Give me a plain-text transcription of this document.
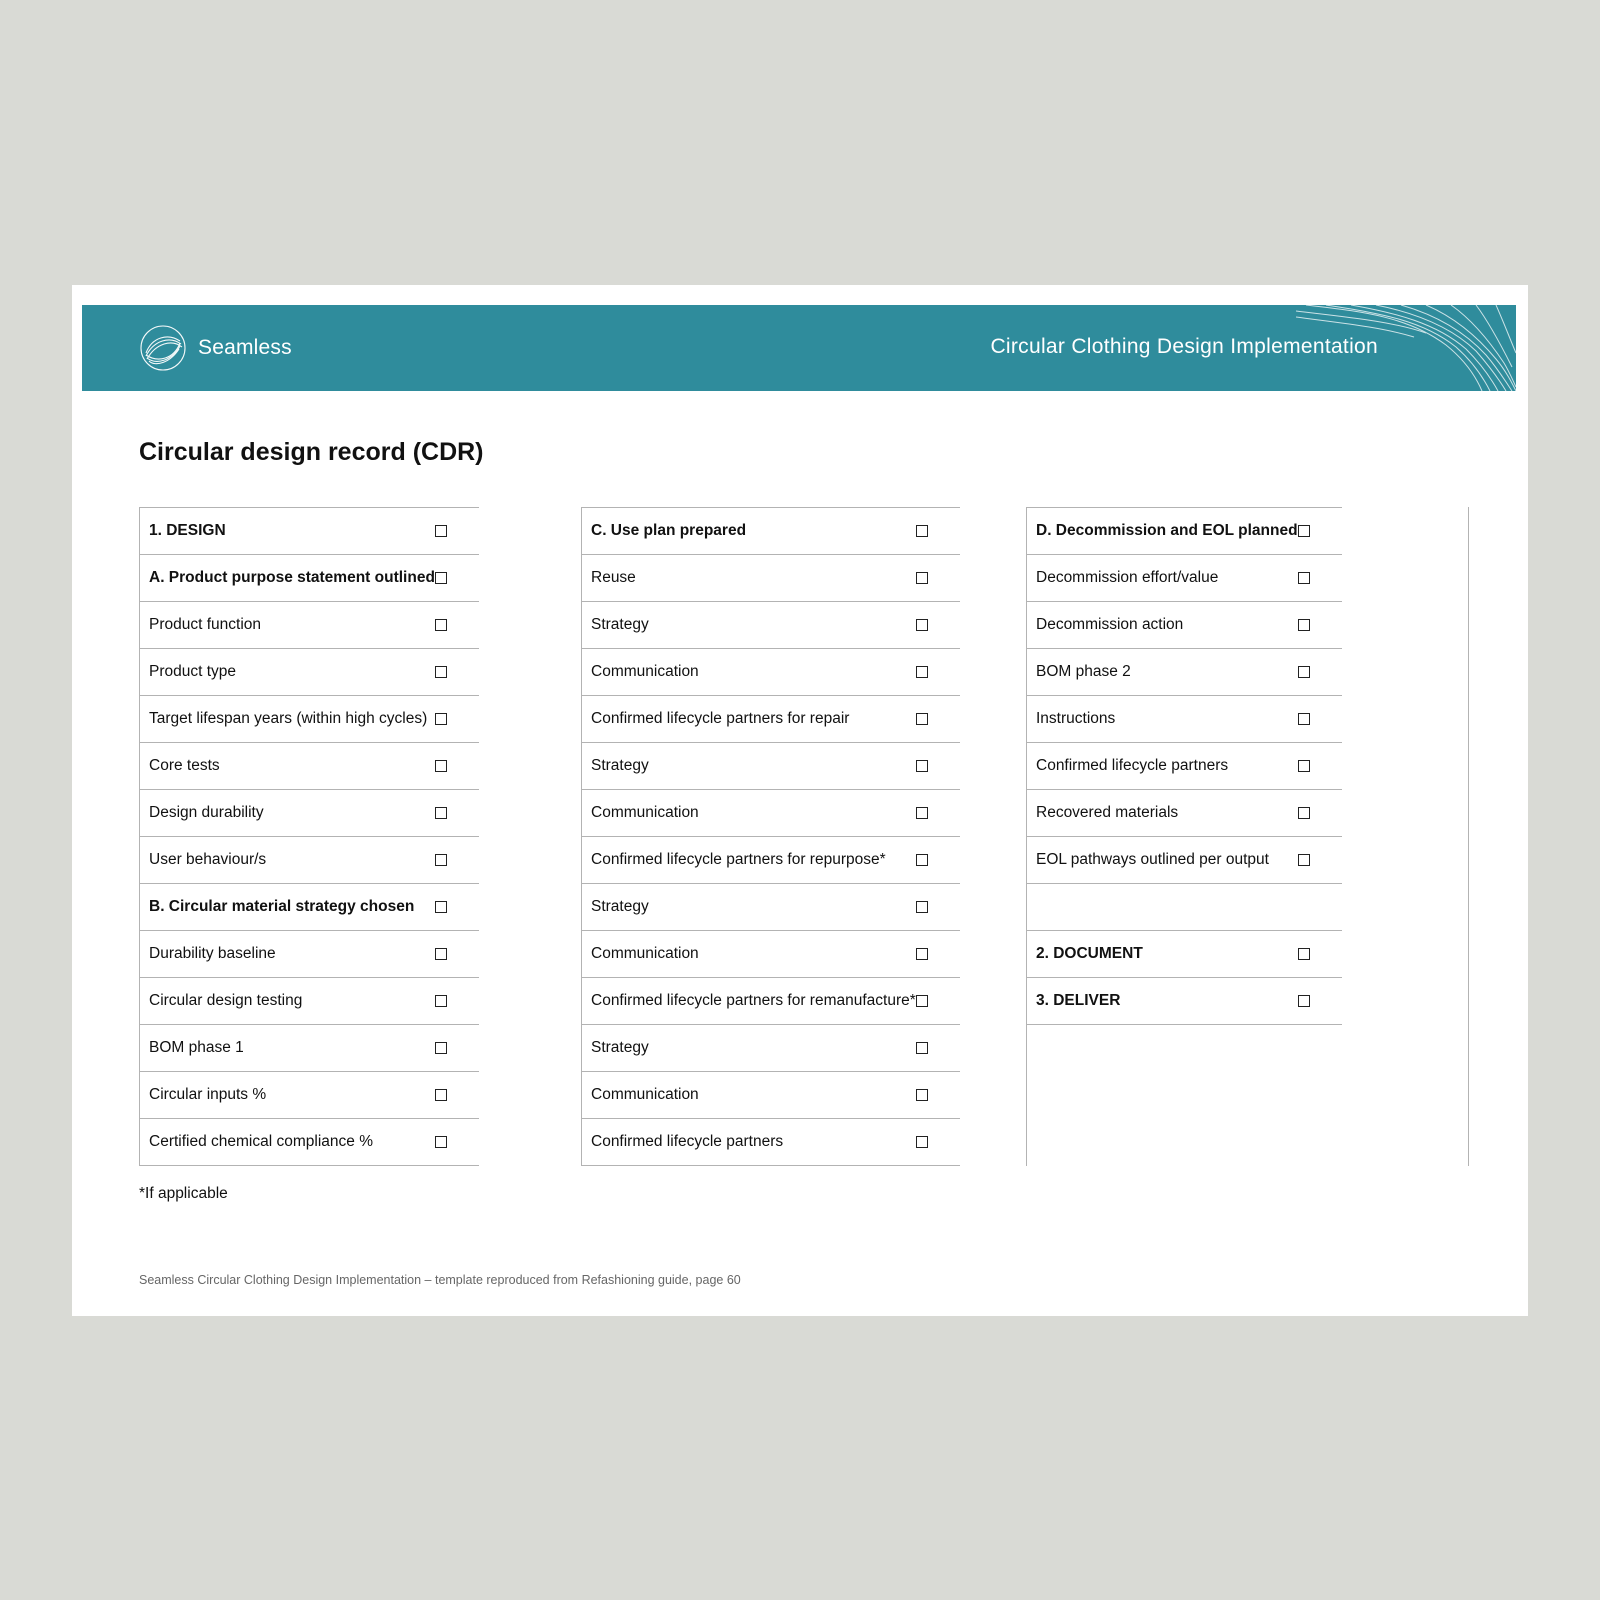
Seamless	Circular Clothing Design Implementation
Circular design record (CDR)
1. DESIGN	
A. Product purpose statement outlined	
Product function	
Product type	
Target lifespan years (within high cycles)	
Core tests	
Design durability	
User behaviour/s	
B. Circular material strategy chosen	
Durability baseline	
Circular design testing	
BOM phase 1	
Circular inputs %	
Certified chemical compliance %	
C. Use plan prepared	
Reuse	
Strategy	
Communication	
Confirmed lifecycle partners for repair	
Strategy	
Communication	
Confirmed lifecycle partners for repurpose*	
Strategy	
Communication	
Confirmed lifecycle partners for remanufacture*	
Strategy	
Communication	
Confirmed lifecycle partners	
D. Decommission and EOL planned	
Decommission effort/value	
Decommission action	
BOM phase 2	
Instructions	
Confirmed lifecycle partners	
Recovered materials	
EOL pathways outlined per output	

2. DOCUMENT	
3. DELIVER	
*If applicable
Seamless Circular Clothing Design Implementation – template reproduced from Refashioning guide, page 60
